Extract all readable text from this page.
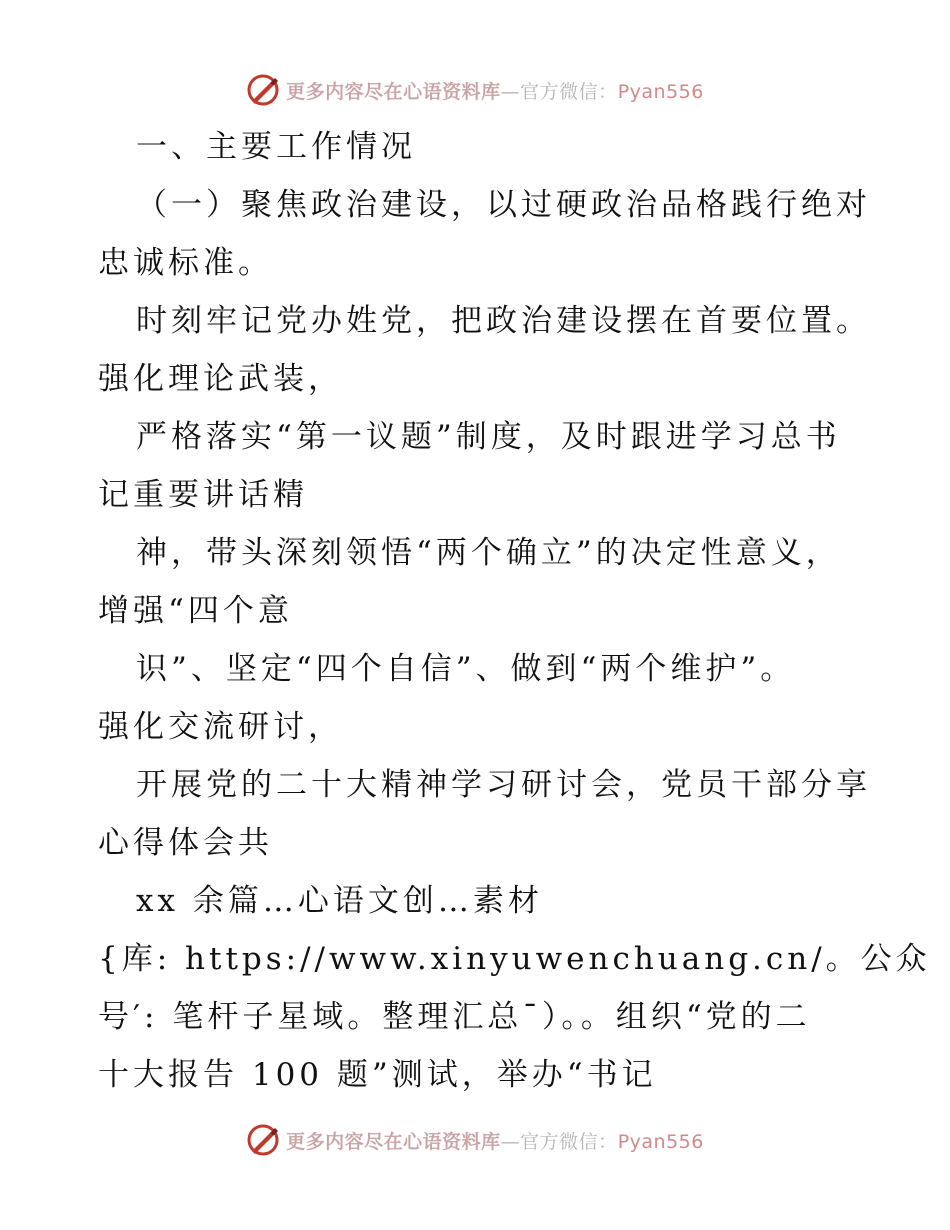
更多内容尽在心语资料库—官方微信：Pyan556
一、主要工作情况
（一）聚焦政治建设，以过硬政治品格践行绝对
忠诚标准。
时刻牢记党办姓党，把政治建设摆在首要位置。
强化理论武装，
严格落实“第一议题”制度，及时跟进学习总书
记重要讲话精
神，带头深刻领悟“两个确立”的决定性意义，
增强“四个意
识”、坚定“四个自信”、做到“两个维护”。
强化交流研讨，
开展党的二十大精神学习研讨会，党员干部分享
心得体会共
xx 余篇…心语文创…素材
{库: https://www.xinyuwenchuang.cn/。公众
号′: 笔杆子星域。整理汇总¯）。。组织“党的二
十大报告 100 题”测试，举办“书记
更多内容尽在心语资料库—官方微信：Pyan556
